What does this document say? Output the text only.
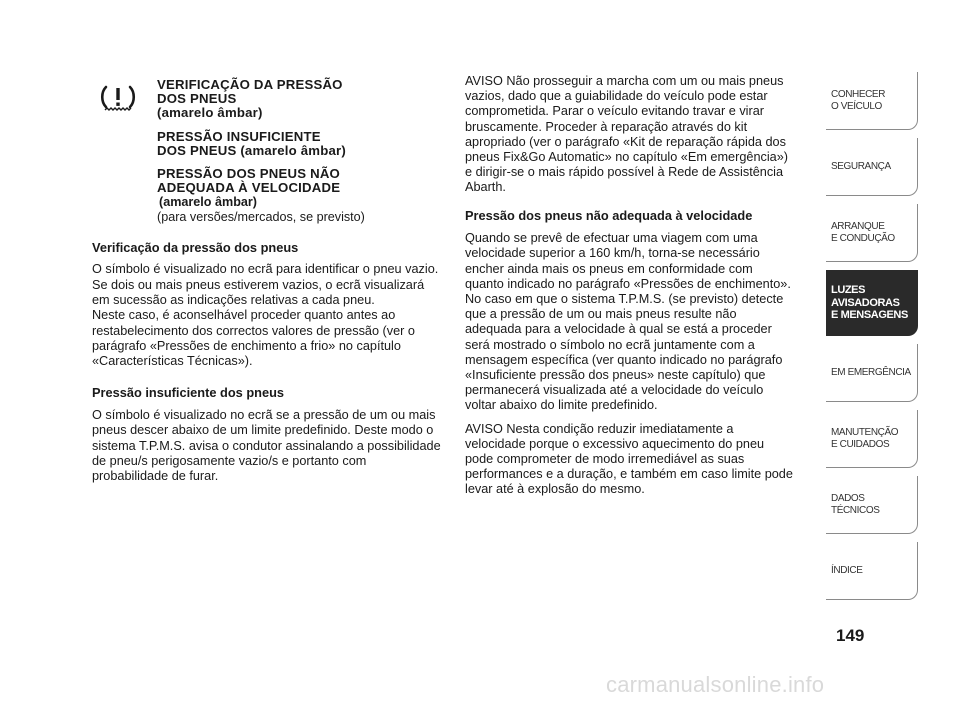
VERIFICAÇÃO DA PRESSÃO
DOS PNEUS
(amarelo âmbar)
PRESSÃO INSUFICIENTE
DOS PNEUS (amarelo âmbar)
PRESSÃO DOS PNEUS NÃO
ADEQUADA À VELOCIDADE
(amarelo âmbar)
(para versões/mercados, se previsto)
Verificação da pressão dos pneus

O símbolo é visualizado no ecrã para identificar o pneu vazio. Se dois ou mais pneus estiverem vazios, o ecrã visualizará em sucessão as indicações relativas a cada pneu.

Neste caso, é aconselhável proceder quanto antes ao restabelecimento dos correctos valores de pressão (ver o parágrafo «Pressões de enchimento a frio» no capítulo «Características Técnicas»).

Pressão insuficiente dos pneus

O símbolo é visualizado no ecrã se a pressão de um ou mais pneus descer abaixo de um limite predefinido. Deste modo o sistema T.P.M.S. avisa o condutor assinalando a possibilidade de pneu/s perigosamente vazio/s e portanto com probabilidade de furar.

AVISO Não prosseguir a marcha com um ou mais pneus vazios, dado que a guiabilidade do veículo pode estar comprometida. Parar o veículo evitando travar e virar bruscamente. Proceder à reparação através do kit apropriado (ver o parágrafo «Kit de reparação rápida dos pneus Fix&Go Automatic» no capítulo «Em emergência») e dirigir-se o mais rápido possível à Rede de Assistência Abarth.

Pressão dos pneus não adequada à velocidade

Quando se prevê de efectuar uma viagem com uma velocidade superior a 160 km/h, torna-se necessário encher ainda mais os pneus em conformidade com quanto indicado no parágrafo «Pressões de enchimento». No caso em que o sistema T.P.M.S. (se previsto) detecte que a pressão de um ou mais pneus resulte não adequada para a velocidade à qual se está a proceder será mostrado o símbolo no ecrã juntamente com a mensagem específica (ver quanto indicado no parágrafo «Insuficiente pressão dos pneus» neste capítulo) que permanecerá visualizada até a velocidade do veículo voltar abaixo do limite predefinido.

AVISO Nesta condição reduzir imediatamente a velocidade porque o excessivo aquecimento do pneu pode comprometer de modo irremediável as suas performances e a duração, e também em caso limite pode levar até à explosão do mesmo.

CONHECER
O VEÍCULO
SEGURANÇA
ARRANQUE
E CONDUÇÃO
LUZES
AVISADORAS
E MENSAGENS
EM EMERGÊNCIA
MANUTENÇÃO
E CUIDADOS
DADOS
TÉCNICOS
ÍNDICE
149
carmanualsonline.info
